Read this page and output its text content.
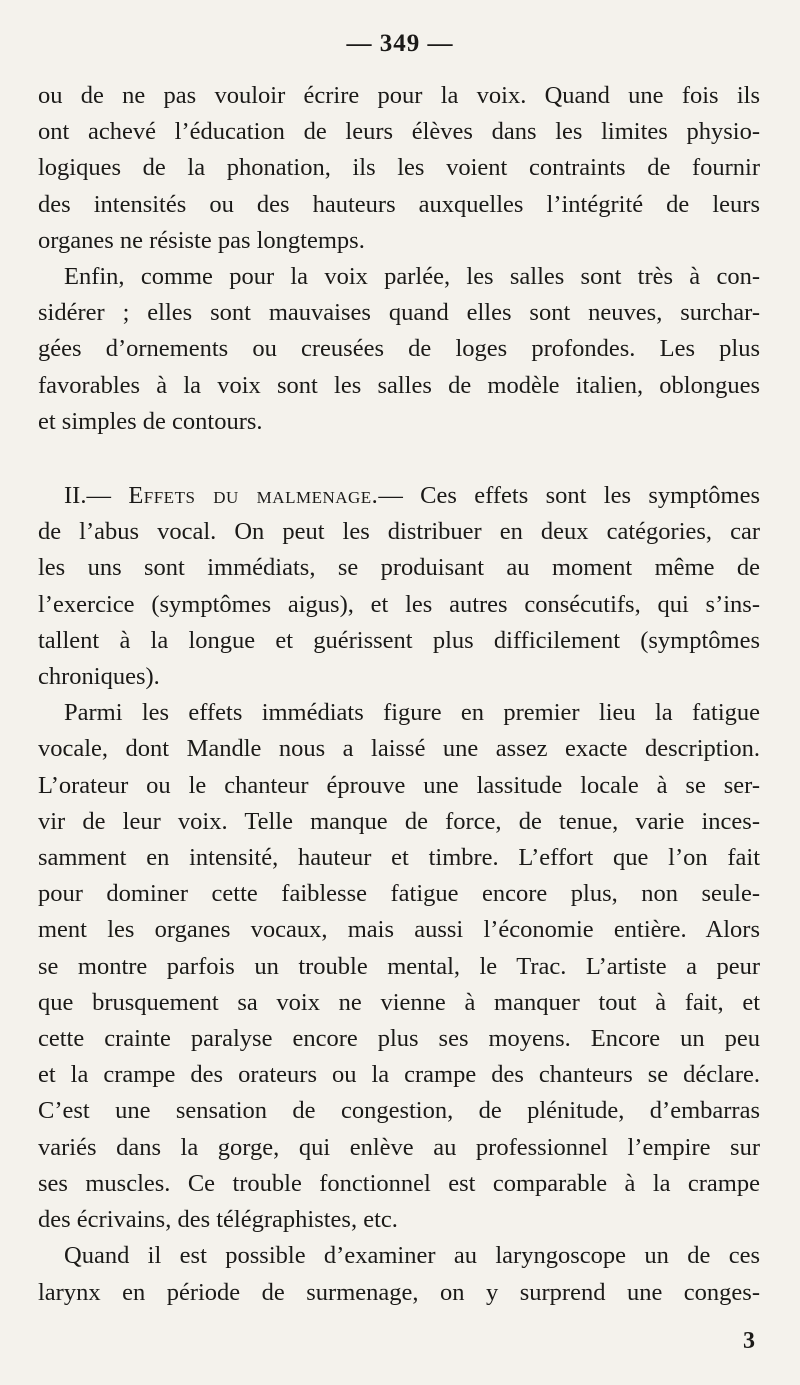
— 349 —

ou de ne pas vouloir écrire pour la voix. Quand une fois ils
ont achevé l’éducation de leurs élèves dans les limites physio-
logiques de la phonation, ils les voient contraints de fournir
des intensités ou des hauteurs auxquelles l’intégrité de leurs
organes ne résiste pas longtemps.

Enfin, comme pour la voix parlée, les salles sont très à con-
sidérer ; elles sont mauvaises quand elles sont neuves, surchar-
gées d’ornements ou creusées de loges profondes. Les plus
favorables à la voix sont les salles de modèle italien, oblongues
et simples de contours.

II.— Effets du malmenage.— Ces effets sont les symptômes
de l’abus vocal. On peut les distribuer en deux catégories, car
les uns sont immédiats, se produisant au moment même de
l’exercice (symptômes aigus), et les autres consécutifs, qui s’ins-
tallent à la longue et guérissent plus difficilement (symptômes
chroniques).

Parmi les effets immédiats figure en premier lieu la fatigue
vocale, dont Mandle nous a laissé une assez exacte description.
L’orateur ou le chanteur éprouve une lassitude locale à se ser-
vir de leur voix. Telle manque de force, de tenue, varie inces-
samment en intensité, hauteur et timbre. L’effort que l’on fait
pour dominer cette faiblesse fatigue encore plus, non seule-
ment les organes vocaux, mais aussi l’économie entière. Alors
se montre parfois un trouble mental, le Trac. L’artiste a peur
que brusquement sa voix ne vienne à manquer tout à fait, et
cette crainte paralyse encore plus ses moyens. Encore un peu
et la crampe des orateurs ou la crampe des chanteurs se déclare.
C’est une sensation de congestion, de plénitude, d’embarras
variés dans la gorge, qui enlève au professionnel l’empire sur
ses muscles. Ce trouble fonctionnel est comparable à la crampe
des écrivains, des télégraphistes, etc.

Quand il est possible d’examiner au laryngoscope un de ces
larynx en période de surmenage, on y surprend une conges-

3
